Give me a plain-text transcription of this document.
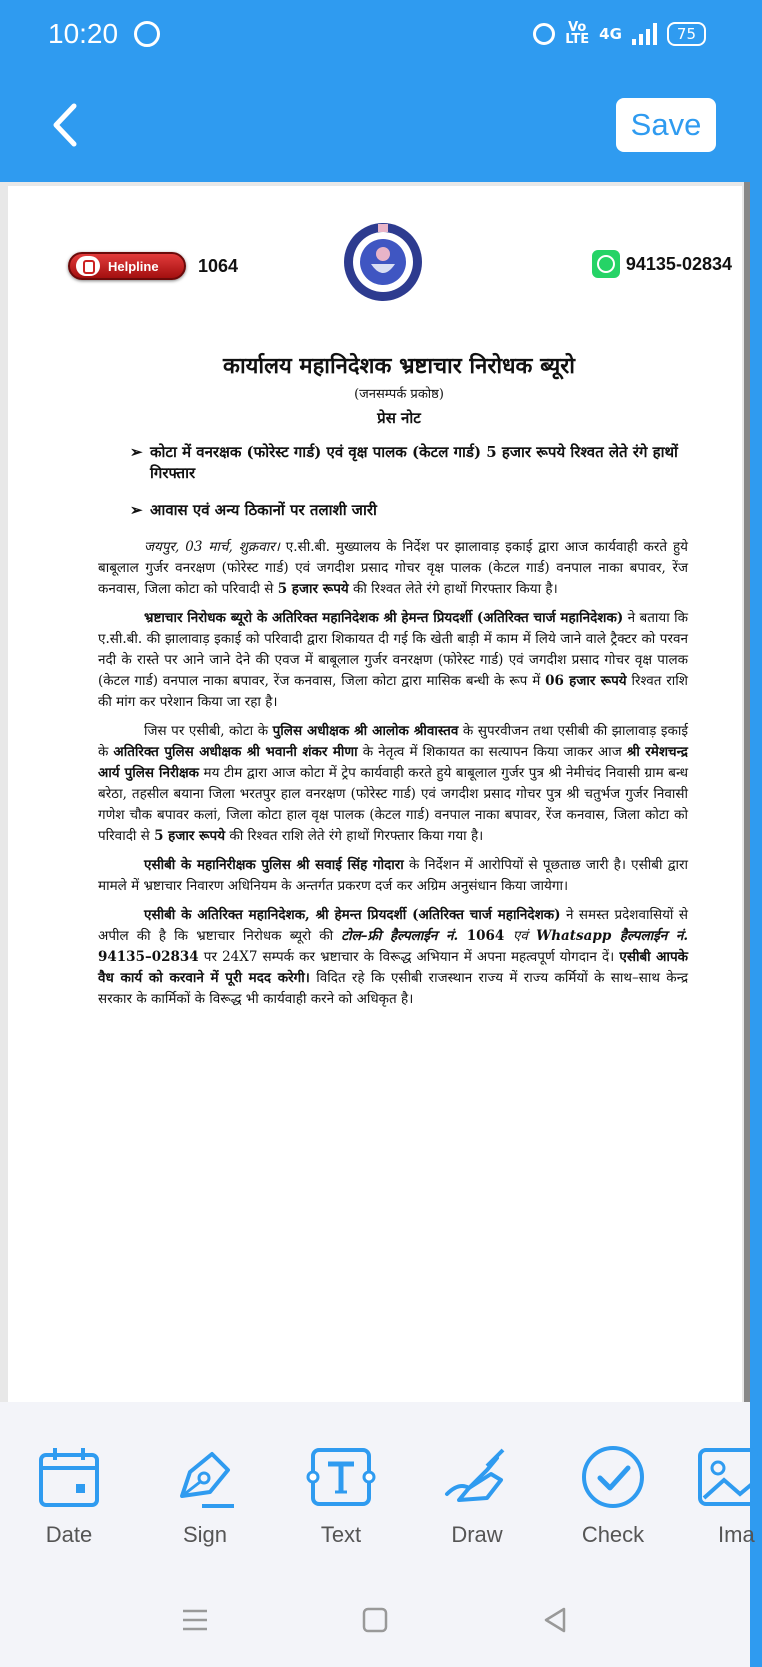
10:20	Vo
LTE 4G	75
Save
Helpline 1064	94135-02834
कार्यालय महानिदेशक भ्रष्टाचार निरोधक ब्यूरो
(जनसम्पर्क प्रकोष्ठ)
प्रेस नोट
➢ कोटा में वनरक्षक (फोरेस्ट गार्ड) एवं वृक्ष पालक (केटल गार्ड) 5 हजार रूपये रिश्वत लेते रंगे हाथों गिरफ्तार
➢ आवास एवं अन्य ठिकानों पर तलाशी जारी

जयपुर, 03 मार्च, शुक्रवार। ए.सी.बी. मुख्यालय के निर्देश पर झालावाड़ इकाई द्वारा आज कार्यवाही करते हुये बाबूलाल गुर्जर वनरक्षण (फोरेस्ट गार्ड) एवं जगदीश प्रसाद गोचर वृक्ष पालक (केटल गार्ड) वनपाल नाका बपावर, रेंज कनवास, जिला कोटा को परिवादी से 5 हजार रूपये की रिश्वत लेते रंगे हाथों गिरफ्तार किया है।

भ्रष्टाचार निरोधक ब्यूरो के अतिरिक्त महानिदेशक श्री हेमन्त प्रियदर्शी (अतिरिक्त चार्ज महानिदेशक) ने बताया कि ए.सी.बी. की झालावाड़ इकाई को परिवादी द्वारा शिकायत दी गई कि खेती बाड़ी में काम में लिये जाने वाले ट्रैक्टर को परवन नदी के रास्ते पर आने जाने देने की एवज में बाबूलाल गुर्जर वनरक्षण (फोरेस्ट गार्ड) एवं जगदीश प्रसाद गोचर वृक्ष पालक (केटल गार्ड) वनपाल नाका बपावर, रेंज कनवास, जिला कोटा द्वारा मासिक बन्धी के रूप में 06 हजार रूपये रिश्वत राशि की मांग कर परेशान किया जा रहा है।

जिस पर एसीबी, कोटा के पुलिस अधीक्षक श्री आलोक श्रीवास्तव के सुपरवीजन तथा एसीबी की झालावाड़ इकाई के अतिरिक्त पुलिस अधीक्षक श्री भवानी शंकर मीणा के नेतृत्व में शिकायत का सत्यापन किया जाकर आज श्री रमेशचन्द्र आर्य पुलिस निरीक्षक मय टीम द्वारा आज कोटा में ट्रेप कार्यवाही करते हुये बाबूलाल गुर्जर पुत्र श्री नेमीचंद निवासी ग्राम बन्ध बरेठा, तहसील बयाना जिला भरतपुर हाल वनरक्षण (फोरेस्ट गार्ड) एवं जगदीश प्रसाद गोचर पुत्र श्री चतुर्भज गुर्जर निवासी गणेश चौक बपावर कलां, जिला कोटा हाल वृक्ष पालक (केटल गार्ड) वनपाल नाका बपावर, रेंज कनवास, जिला कोटा को परिवादी से 5 हजार रूपये की रिश्वत राशि लेते रंगे हाथों गिरफ्तार किया गया है।

एसीबी के महानिरीक्षक पुलिस श्री सवाई सिंह गोदारा के निर्देशन में आरोपियों से पूछताछ जारी है। एसीबी द्वारा मामले में भ्रष्टाचार निवारण अधिनियम के अन्तर्गत प्रकरण दर्ज कर अग्रिम अनुसंधान किया जायेगा।

एसीबी के अतिरिक्त महानिदेशक, श्री हेमन्त प्रियदर्शी (अतिरिक्त चार्ज महानिदेशक) ने समस्त प्रदेशवासियों से अपील की है कि भ्रष्टाचार निरोधक ब्यूरो की टोल–फ्री हैल्पलाईन नं. 1064 एवं Whatsapp हैल्पलाईन नं. 94135–02834 पर 24X7 सम्पर्क कर भ्रष्टाचार के विरूद्ध अभियान में अपना महत्वपूर्ण योगदान दें। एसीबी आपके वैध कार्य को करवाने में पूरी मदद करेगी। विदित रहे कि एसीबी राजस्थान राज्य में राज्य कर्मियों के साथ–साथ केन्द्र सरकार के कार्मिकों के विरूद्ध भी कार्यवाही करने को अधिकृत है।

Date	Sign	Text	Draw	Check	Ima
